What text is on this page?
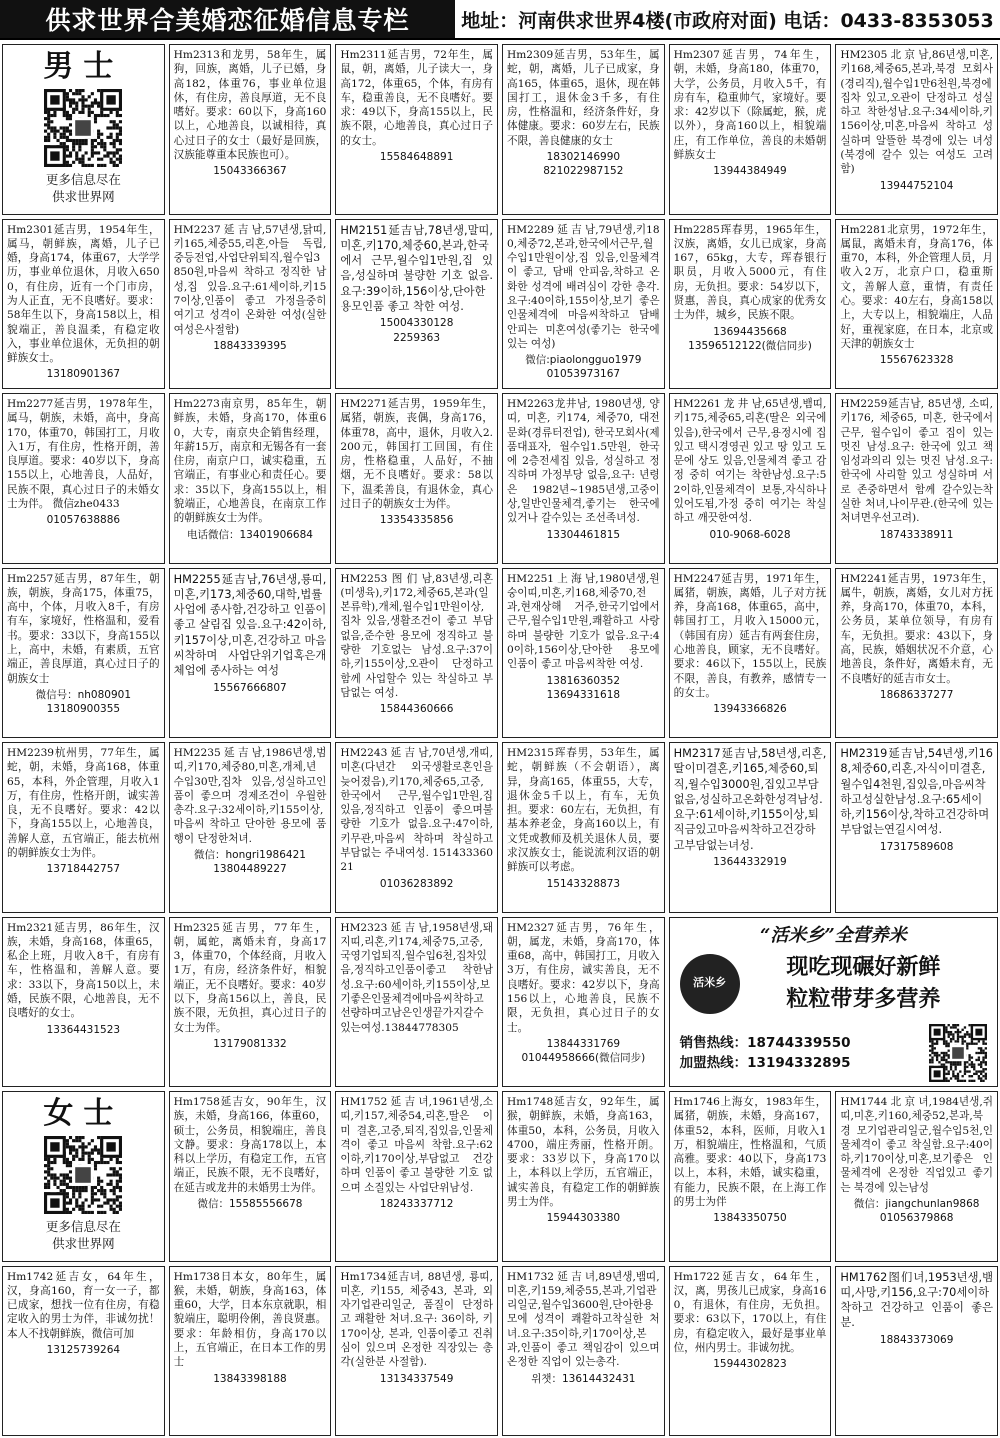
供求世界合美婚恋征婚信息专栏	地址：河南供求世界4楼(市政府对面) 电话：0433-8353053
男士
更多信息尽在
供求世界网
Hm2313和龙男，58年生，属狗，回族，离婚，儿子已婚，身高182，体重76，事业单位退休，有住房，善良厚道，无不良嗜好。要求：60以下，身高160以上，心地善良，以诚相待，真心过日子的女士（最好是回族，汉族能尊重本民族也可）。
15043366367
Hm2311延吉男，72年生，属鼠，朝，离婚，儿子读大一，身高172，体重65，个体，有房有车，稳重善良，无不良嗜好。要求：49以下，身高155以上，民族不限，心地善良，真心过日子的女士。
15584648891
Hm2309延吉男，53年生，属蛇，朝，离婚，儿子已成家，身高165，体重65，退休，现在韩国打工，退休金3千多，有住房，性格温和，经济条件好，身体健康。要求：60岁左右，民族不限，善良健康的女士
18302146990
821022987152
Hm2307延吉男，74年生，朝，未婚，身高180，体重70，大学，公务员，月收入5千，有房有车，稳重帅气，家境好。要求：42岁以下（除属蛇，猴，虎以外），身高160以上，相貌端庄，有工作单位，善良的未婚朝鲜族女士
13944384949
HM2305北京남,86년생,미혼,키168,체중65,본과,북경 모회사(경리직),월수입1만6천원,북경에 집차 있고,오관이 단정하고 성실하고 착한성남.요구:34세이하,키156이상,미혼,마음씨 착하고 성실하며 알뜰한 북경에 있는 녀성(북경에 갈수 있는 여성도 고려함)
13944752104
Hm2301延吉男，1954年生，属马，朝鲜族，离婚，儿子已婚，身高174，体重67，大学学历，事业单位退休，月收入6500，有住房，近有一个门市房，为人正直，无不良嗜好。要求：58年生以下，身高158以上，相貌端正，善良温柔，有稳定收入，事业单位退休，无负担的朝鲜族女士。
13180901367
HM2237延吉남,57년생,닭띠,키165,체중55,리혼,아들 독립,중등전업,사업단위퇴직,월수입3850원,마음씨 착하고 정직한 남성,집 있음.요구:61세이하,키157이상,인품이 좋고 가정을중히 여기고 성격이 온화한 여성(실한여성은사절함)
18843339395
HM2151延吉남,78년생,말띠,미혼,키170,체중60,본과,한국에서 근무,월수입1만원,집 있음,성실하며 불량한 기호 없음.요구:39이하,156이상,단아한 용모인품 좋고 착한 여성.
15004330128
2259363
HM2289延吉남,79년생,키180,체중72,본과,한국에서근무,월수입1만원이상,집 있음,인물체격이 좋고, 담배 안피움,착하고 온화한 성격에 배려심이 강한 총각.요구:40이하,155이상,보기 좋은 인물체격에 마음씨착하고 담배 안피는 미혼여성(좋기는 한국에 있는 여성)
微信:piaolongguo1979
01053973167
Hm2285珲春男，1965年生，汉族，离婚，女儿已成家，身高167，65kg，大专，珲春银行职员，月收入5000元，有住房，无负担。要求：54岁以下，贤惠，善良，真心成家的优秀女士为伴，城乡，民族不限。
13694435668
13596512122(微信同步)
Hm2281北京男，1972年生，属鼠，离婚未育，身高176，体重70，本科，外企管理人员，月收入2万，北京户口，稳重斯文，善解人意，重情，有责任心。要求：40左右，身高158以上，大专以上，相貌端庄，人品好，重视家庭，在日本，北京或天津的朝族女士
15567623328
Hm2277延吉男，1978年生，属马，朝族，未婚，高中，身高170，体重70，韩国打工，月收入1万，有住房，性格开朗，善良厚道。要求：40岁以下，身高155以上，心地善良，人品好，民族不限，真心过日子的未婚女士为伴。 微信zhe0433
01057638886
Hm2273南京男，85年生，朝鲜族，未婚，身高170，体重60，大专，南京央企销售经理，年薪15万，南京和无锡各有一套住房，南京户口，诚实稳重，五官端正，有事业心和责任心。要求：35以下，身高155以上，相貌端正，心地善良，在南京工作的朝鲜族女士为伴。
电话微信：13401906684
HM2271延吉男，1959年生，属猪，朝族，丧偶，身高176，体重78，高中，退休，月收入2.200元，韩国打工回国，有住房，性格稳重，人品好，不抽烟，无不良嗜好。要求：58以下，温柔善良，有退休金，真心过日子的朝族女士为伴。
13354335856
HM2263龙井남, 1980년생, 양띠, 미혼, 키174, 체중70, 대전문화(경류터전업), 한국모회사(제품대표자, 월수입1.5만원, 한국에 2층전세집 있음, 성실하고 정직하며 가정부당 없음,요구: 년령은 1982년~1985년생,고중이상,일반인물체격,좋기는 한국에 있거나 갈수있는 조선족녀성.
13304461815
HM2261龙井남,65년생,뱀띠,키175,체중65,리혼(딸은 외국에 있음),한국에서 근무,용정시에 집있고 택시경영권 있고 땅 있고 도문에 상도 있음,인물체격 좋고 감정 중히 여기는 착한남성.요구:52이하,인물체격이 보통,자식하나 있어도됨,가정 중히 여기는 착실하고 깨끗한여성.
010-9068-6028
HM2259延吉남, 85년생, 소띠, 키176, 체중65, 미혼, 한국에서 근무, 월수입이 좋고 집이 있는 멋진 남성.요구: 한국에 있고 책임성과의리 있는 멋진 남성.요구:한국에 사리할 있고 성실하며 서로 존중하면서 함께 갈수있는착실한 처녀,나이무관.(한국에 있는 처녀면우선고려).
18743338911
Hm2257延吉男，87年生，朝族，朝族，身高175，体重75，高中，个体，月收入8千，有房有车，家境好，性格温和，爱看书。要求：33以下，身高155以上，高中，未婚，有素质，五官端正，善良厚道，真心过日子的朝族女士
微信号：nh080901
13180900355
HM2255延吉남,76년생,룡띠,미혼,키173,체중60,대학,법률사업에 종사함,건강하고 인품이 좋고 살림집 있음.요구:42이하,키157이상,미혼,건강하고 마음씨착하며 사업단위기업혹은개체업에 종사하는 여성
15567666807
HM2253图们남,83년생,리혼(미생육),키172,체중65,본과(일본류학),개체,월수입1만원이상,집차 있음,생활조건이 좋고 부담없음,준수한 용모에 정직하고 불량한 기호없는 남성.요구:37이하,키155이상,오관이 단정하고 함께 사업할수 있는 착실하고 부담없는 여성.
15844360666
HM2251上海남,1980년생,원숭이띠,미혼,키168,체중70,전과,현재상해 거주,한국기업에서근무,월수입1만원,쾌활하고 사랑하며 불량한 기호가 없음.요구:40이하,156이상,단아한 용모에 인품이 좋고 마음씨착한 여성.
13816360352
13694331618
HM2247延吉男，1971年生，属猪，朝族，离婚，儿子对方抚养，身高168，体重65，高中，韩国打工，月收入15000元，（韩国有房）延吉有两套住房，心地善良，顾家，无不良嗜好。要求：46以下，155以上，民族不限，善良，有教养，感情专一的女士。
13943366826
HM2241延吉男，1973年生，属牛，朝族，离婚，女儿对方抚养，身高170，体重70，本科，公务员，某单位领导，有房有车，无负担。要求：43以下，身高，民族，婚姻状况不介意，心地善良，条件好，离婚未育，无不良嗜好的延吉市女士。
18686337277
HM2239杭州男，77年生，属蛇，朝，未婚，身高168，体重65，本科，外企管理，月收入1万，有住房，性格开朗，诚实善良，无不良嗜好。要求：42以下，身高155以上，心地善良，善解人意，五官端正，能去杭州的朝鲜族女士为伴。
13718442757
HM2235延吉남,1986년생,범띠,키170,체중80,미혼,개체,년수입30만,집차 있음,성실하고인품이 좋으며 경제조건이 우월한 총각.요구:32세이하,키155이상,마음씨 착하고 단아한 용모에 품행이 단정한처녀.
微信：hongri1986421
13804489227
HM2243延吉남,70년생,개띠,미혼(다년간 외국생활로혼인을 늦어졌음),키170,체중65,고중,한국에서 근무,월수입1만원,집 있음,정직하고 인품이 좋으며불량한 기호가 없음.요구:47이하,키무관,마음씨 착하며 착실하고 부담없는 주내여성. 15143336021
01036283892
HM2315珲春男，53年生，属蛇，朝鲜族（不会朝语），离异，身高165，体重55，大专，退休金5千以上，有车，无负担。要求：60左右，无负担，有基本养老金，身高160以上，有文凭或教师及机关退休人员，要求汉族女士，能说流利汉语的朝鲜族可以考虑。
15143328873
HM2317延吉남,58년생,리혼,딸이미결혼,키165,체중60,퇴직,월수입3000원,집있고부담없음,성실하고온화한성격남성.요구:61세이하,키155이상,퇴직금있고마음씨착하고건강하고부담없는녀성.
13644332919
HM2319延吉남,54년생,키168,체중60,리혼,자식이미결혼,월수입4천원,집있음,마음씨착하고성실한남성.요구:65세이하,키156이상,착하고건강하며부담없는연길시여성.
17317589608
Hm2321延吉男，86年生，汉族，未婚，身高168，体重65，私企上班，月收入8千，有房有车，性格温和，善解人意。要求：33以下，身高150以上，未婚，民族不限，心地善良，无不良嗜好的女士。
13364431523
Hm2325延吉男，77年生，朝，属蛇，离婚未育，身高173，体重70，个体经商，月收入1万，有房，经济条件好，相貌端正，无不良嗜好。要求：40岁以下，身高156以上，善良，民族不限，无负担，真心过日子的女士为伴。
13179081332
HM2323延吉남,1958년생,돼지띠,리혼,키174,체중75,고중,국영기업퇴직,월수입6천,집차있음,정직하고인품이좋고 착한남성.요구:60세이하,키155이상,보기좋은인물체격에마음씨착하고선량하며고남은인생끝가지갈수있는여성.13844778305
HM2327延吉男，76年生，朝，属龙，未婚，身高170，体重68，高中，韩国打工，月收入3万，有住房，诚实善良，无不良嗜好。要求：42岁以下，身高156以上，心地善良，民族不限，无负担，真心过日子的女士。
13844331769
01044958666(微信同步)
“活米乡”全营养米
活米乡
现吃现碾好新鲜
粒粒带芽多营养
销售热线：18744339550
加盟热线：13194332895
女士
更多信息尽在
供求世界网
Hm1758延吉女，90年生，汉族，未婚，身高166，体重60，硕士，公务员，相貌端庄，善良文静。要求：身高178以上，本科以上学历，有稳定工作，五官端正，民族不限，无不良嗜好，在延吉或龙井的未婚男士为伴。
微信：15585556678
HM1752延吉녀,1961년생,소띠,키157,체중54,리혼,딸은 이미 결혼,고중,퇴직,집있음,인물체격이 좋고 마음씨 착함.요구:62이하,키170이상,부담없고 건강하며 인품이 좋고 불량한 기호 없으며 소질있는 사업단위남성.
18243337712
Hm1748延吉女，92年生，属猴，朝鲜族，未婚，身高163，体重50，本科，公务员，月收入4700，端庄秀丽，性格开朗。要求：33岁以下，身高170以上，本科以上学历，五官端正，诚实善良，有稳定工作的朝鲜族男士为伴。
15944303380
Hm1746上海女，1983年生，属猪，朝族，未婚，身高167，体重52，本科，医师，月收入1万，相貌端庄，性格温和，气质高雅。要求：40以下，身高173以上，本科，未婚，诚实稳重，有能力，民族不限，在上海工作的男士为伴
13843350750
HM1744北京녀,1984년생,쥐띠,미혼,키160,체중52,본과,북경 모기업관리일군,월수입5천,인물체격이 좋고 착실함.요구:40이하,키170이상,미혼,보기좋은 인물체격에 온정한 직업있고 좋기는 북경에 있는남성
微信：jiangchunlan9868
01056379868
Hm1742延吉女，64年生，汉，身高160，育一女一子，都已成家，想找一位有住房，有稳定收入的男士为伴，非诚勿扰！本人不找朝鲜族，微信可加
13125739264
Hm1738日本女，80年生，属猴，未婚，朝族，身高163，体重60，大学，日本东京就职，相貌端庄，聪明伶俐，善良贤惠。要求：年龄相仿，身高170以上，五官端正，在日本工作的男士
13843398188
Hm1734延吉녀, 88년생, 룡띠, 미혼, 키155, 체중43, 본과, 외자기업관리일군, 품질이 단정하고 쾌활한 처녀.요구: 36이하, 키170이상, 본과, 인품이좋고 진취심이 있으며 온정한 직장있는 총각(실한분 사절함).
13134337549
HM1732延吉녀,89년생,뱀띠,미혼,키159,체중55,본과,기업관리일군,월수입3600원,단아한용모에 성격이 쾌활하고착실한 처녀.요구:35이하,키170이상,본과,인품이 좋고 책임감이 있으며 온정한 직업이 있는총각.
위챗：13614432431
Hm1722延吉女，64年生，汉，离，男孩儿已成家，身高160，有退休，有住房，无负担。要求：63以下，170以上，有住房，有稳定收入，最好是事业单位，州内男士。非诚勿扰。
15944302823
HM1762图们녀,1953년생,뱀띠,사망,키156,요구:70세이하 착하고 건강하고 인품이 좋은분.
18843373069
